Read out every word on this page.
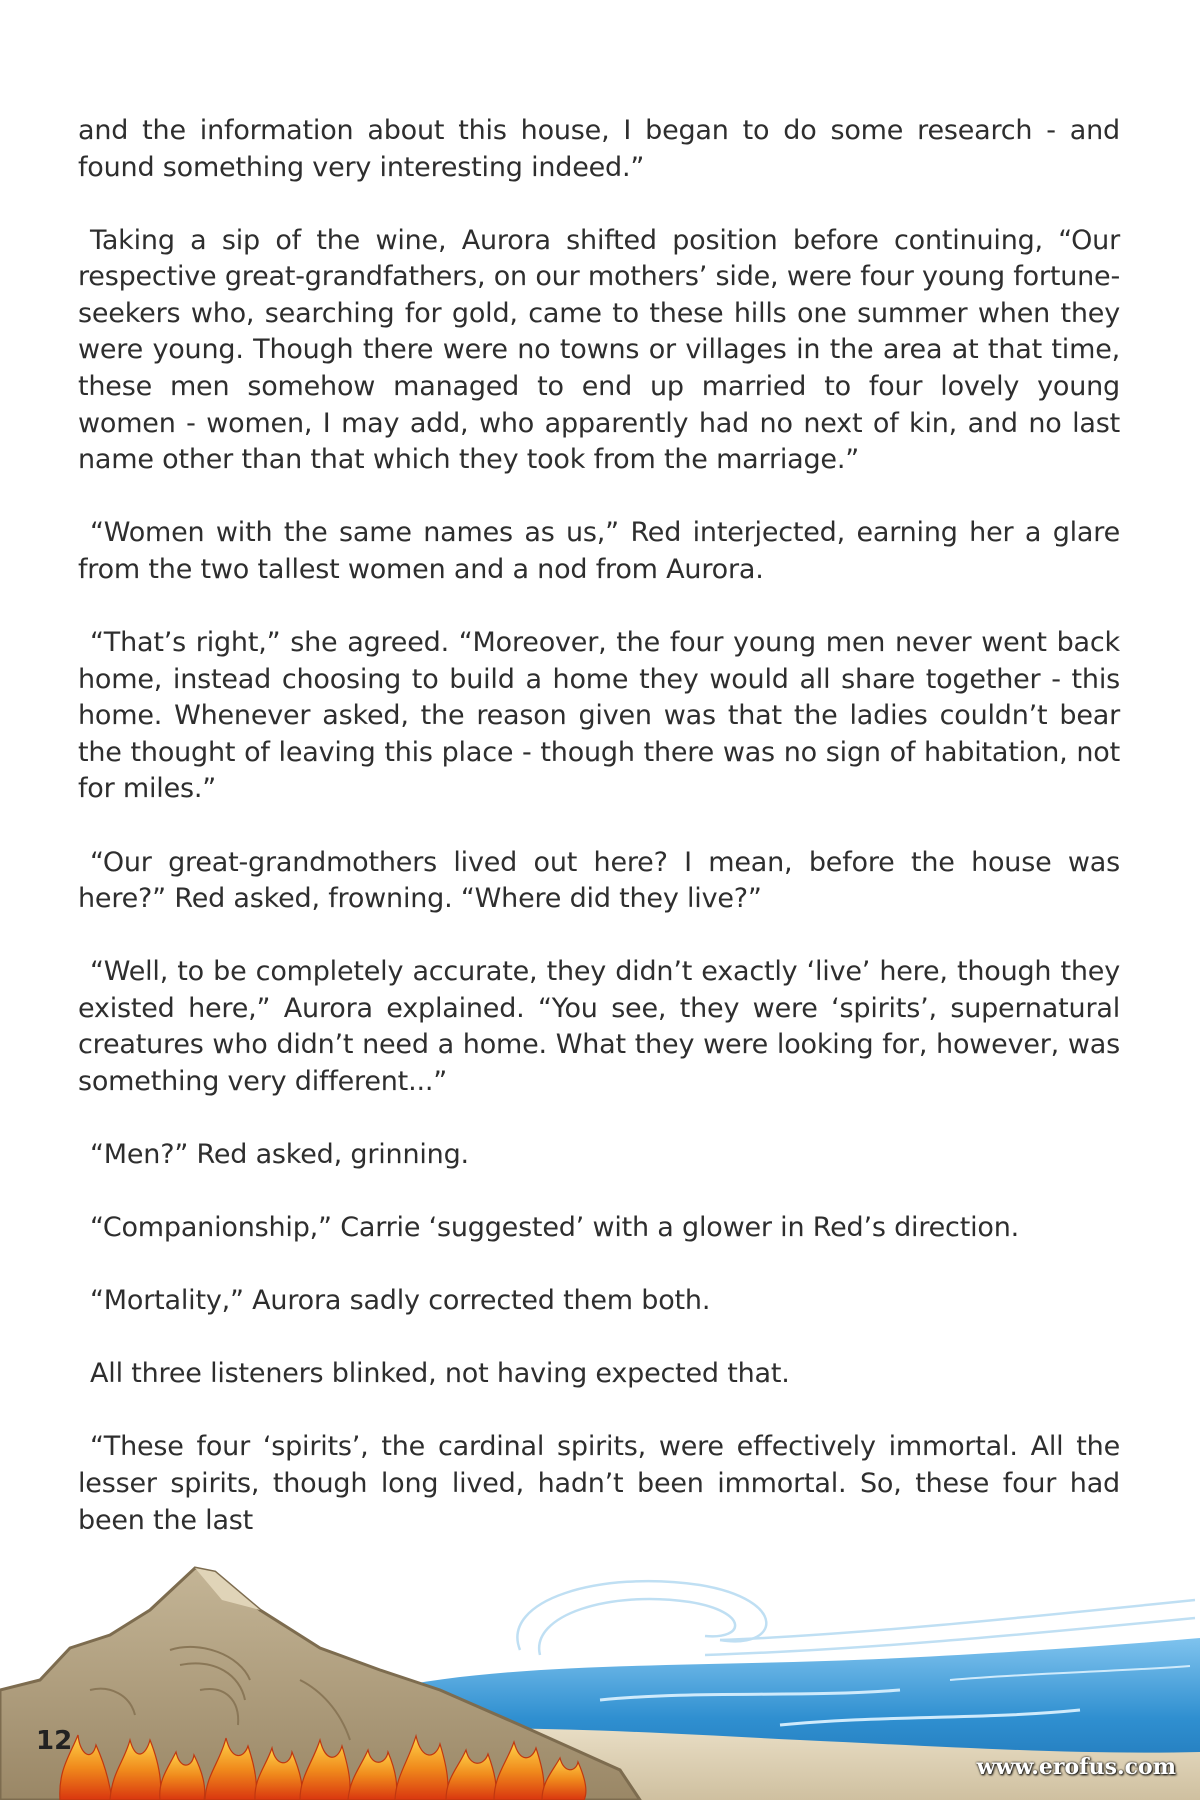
and the information about this house, I began to do some research - and found something very interesting indeed.”

Taking a sip of the wine, Aurora shifted position before continuing, “Our respective great-grandfathers, on our mothers’ side, were four young fortune-seekers who, searching for gold, came to these hills one summer when they were young. Though there were no towns or villages in the area at that time, these men somehow managed to end up married to four lovely young women - women, I may add, who apparently had no next of kin, and no last name other than that which they took from the marriage.”

“Women with the same names as us,” Red interjected, earning her a glare from the two tallest women and a nod from Aurora.

“That’s right,” she agreed. “Moreover, the four young men never went back home, instead choosing to build a home they would all share together - this home. Whenever asked, the reason given was that the ladies couldn’t bear the thought of leaving this place - though there was no sign of habitation, not for miles.”

“Our great-grandmothers lived out here? I mean, before the house was here?” Red asked, frowning. “Where did they live?”

“Well, to be completely accurate, they didn’t exactly ‘live’ here, though they existed here,” Aurora explained. “You see, they were ‘spirits’, supernatural creatures who didn’t need a home. What they were looking for, however, was something very different...”

“Men?” Red asked, grinning.

“Companionship,” Carrie ‘suggested’ with a glower in Red’s direction.

“Mortality,” Aurora sadly corrected them both.

All three listeners blinked, not having expected that.

“These four ‘spirits’, the cardinal spirits, were effectively immortal. All the lesser spirits, though long lived, hadn’t been immortal. So, these four had been the last

12
www.erofus.com
